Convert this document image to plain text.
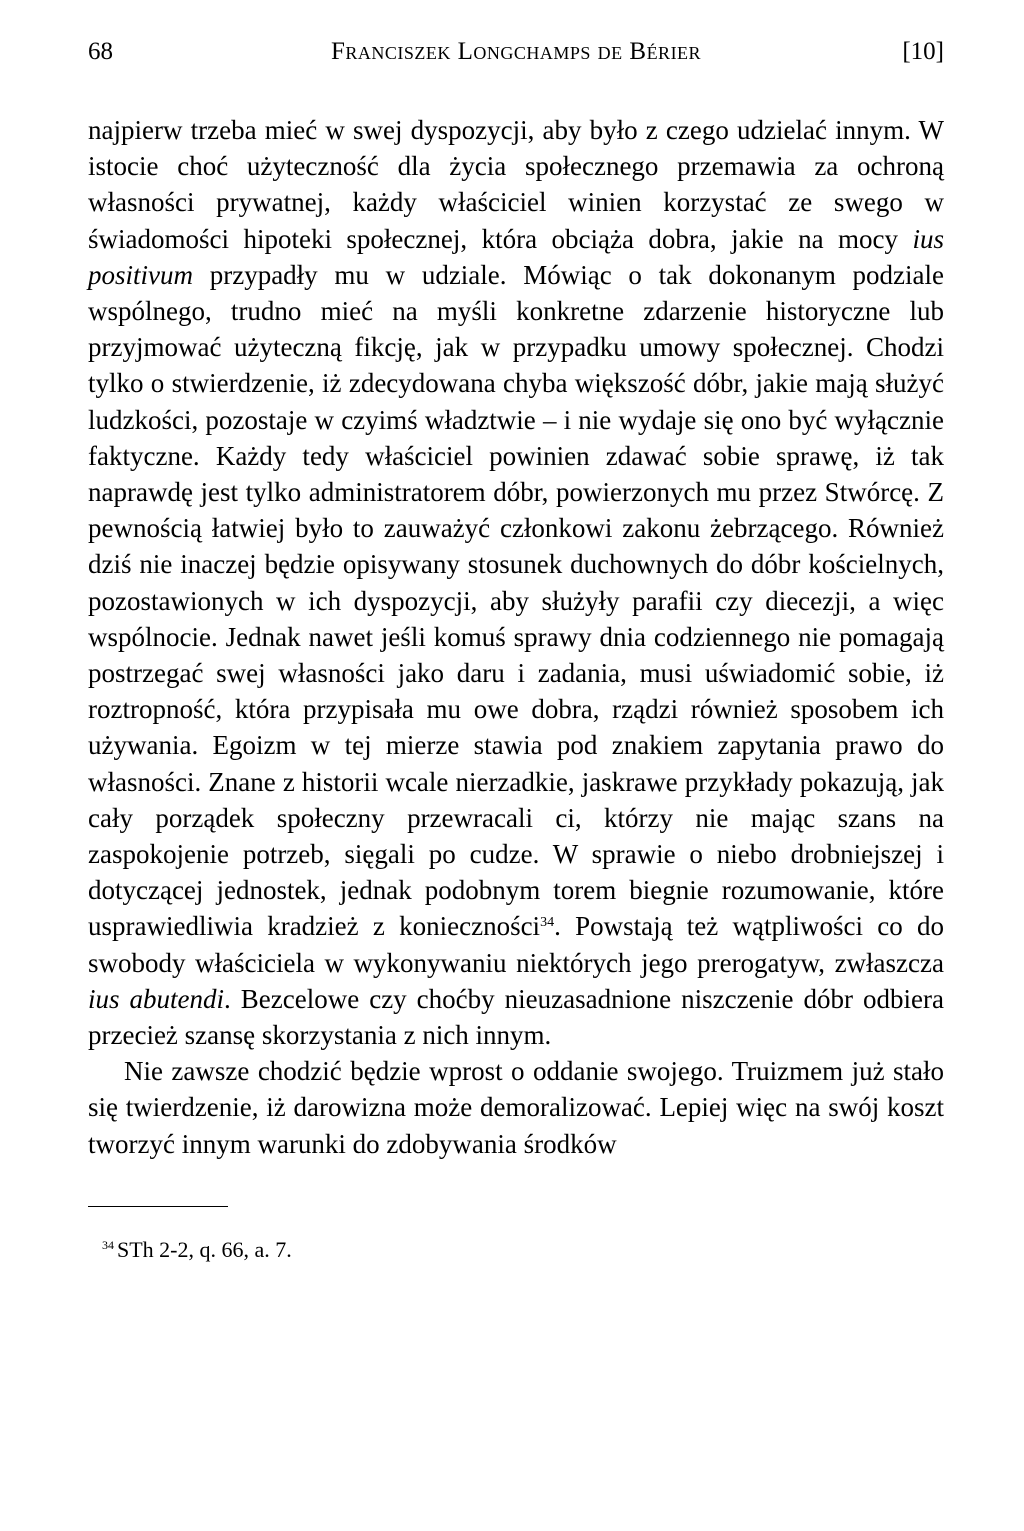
68	Franciszek Longchamps de Bérier	[10]

najpierw trzeba mieć w swej dyspozycji, aby było z czego udzielać innym. W istocie choć użyteczność dla życia społecznego przemawia za ochroną własności prywatnej, każdy właściciel winien korzystać ze swego w świadomości hipoteki społecznej, która obciąża dobra, jakie na mocy ius positivum przypadły mu w udziale. Mówiąc o tak dokonanym podziale wspólnego, trudno mieć na myśli konkretne zdarzenie historyczne lub przyjmować użyteczną fikcję, jak w przypadku umowy społecznej. Chodzi tylko o stwierdzenie, iż zdecydowana chyba większość dóbr, jakie mają służyć ludzkości, pozostaje w czyimś władztwie – i nie wydaje się ono być wyłącznie faktyczne. Każdy tedy właściciel powinien zdawać sobie sprawę, iż tak naprawdę jest tylko administratorem dóbr, powierzonych mu przez Stwórcę. Z pewnością łatwiej było to zauważyć członkowi zakonu żebrzącego. Również dziś nie inaczej będzie opisywany stosunek duchownych do dóbr kościelnych, pozostawionych w ich dyspozycji, aby służyły parafii czy diecezji, a więc wspólnocie. Jednak nawet jeśli komuś sprawy dnia codziennego nie pomagają postrzegać swej własności jako daru i zadania, musi uświadomić sobie, iż roztropność, która przypisała mu owe dobra, rządzi również sposobem ich używania. Egoizm w tej mierze stawia pod znakiem zapytania prawo do własności. Znane z historii wcale nierzadkie, jaskrawe przykłady pokazują, jak cały porządek społeczny przewracali ci, którzy nie mając szans na zaspokojenie potrzeb, sięgali po cudze. W sprawie o niebo drobniejszej i dotyczącej jednostek, jednak podobnym torem biegnie rozumowanie, które usprawiedliwia kradzież z konieczności$^{34}$. Powstają też wątpliwości co do swobody właściciela w wykonywaniu niektórych jego prerogatyw, zwłaszcza ius abutendi. Bezcelowe czy choćby nieuzasadnione niszczenie dóbr odbiera przecież szansę skorzystania z nich innym.

Nie zawsze chodzić będzie wprost o oddanie swojego. Truizmem już stało się twierdzenie, iż darowizna może demoralizować. Lepiej więc na swój koszt tworzyć innym warunki do zdobywania środków

$^{34}$ STh 2-2, q. 66, a. 7.
